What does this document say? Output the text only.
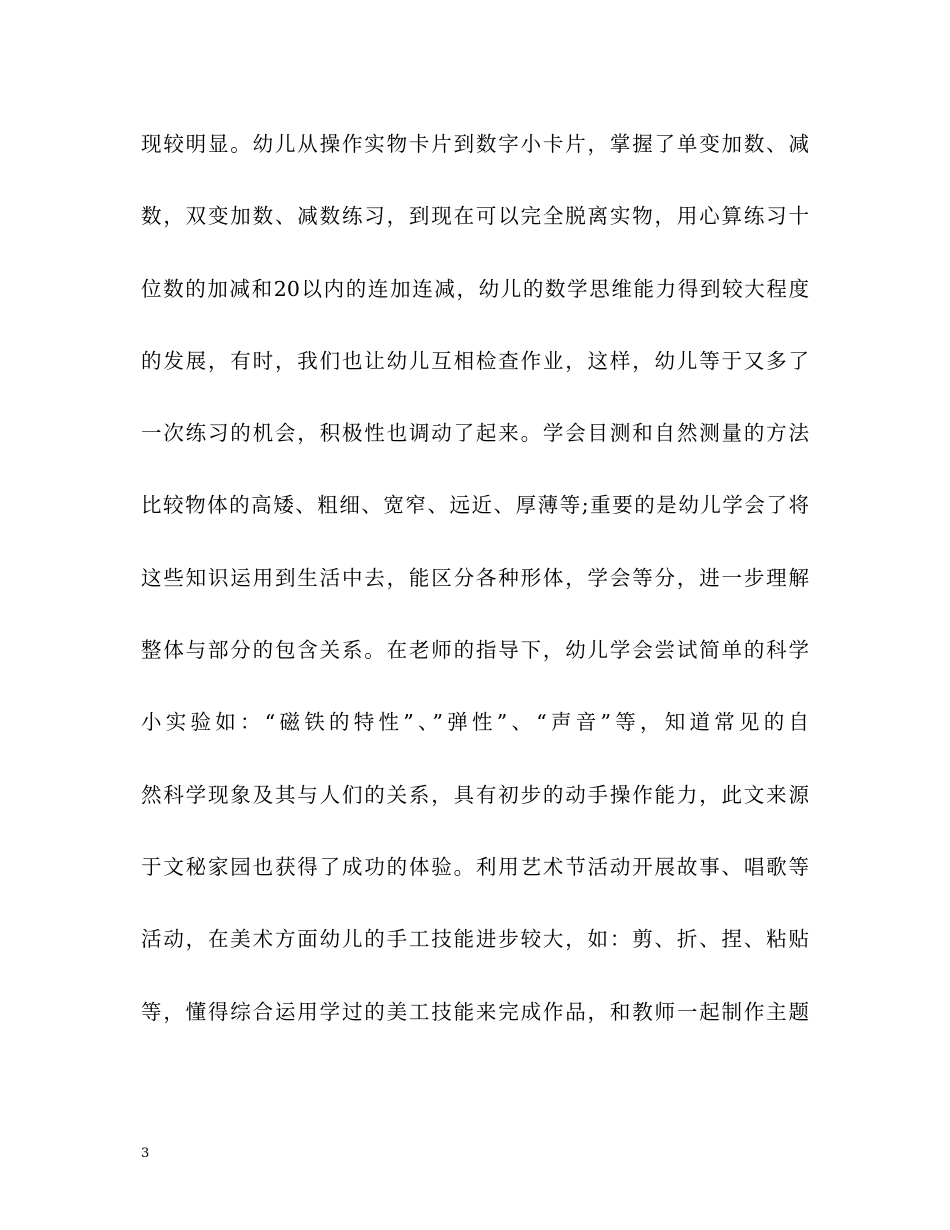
现较明显。幼儿从操作实物卡片到数字小卡片，掌握了单变加数、减
数，双变加数、减数练习，到现在可以完全脱离实物，用心算练习十
位数的加减和20以内的连加连减，幼儿的数学思维能力得到较大程度
的发展，有时，我们也让幼儿互相检查作业，这样，幼儿等于又多了
一次练习的机会，积极性也调动了起来。学会目测和自然测量的方法
比较物体的高矮、粗细、宽窄、远近、厚薄等;重要的是幼儿学会了将
这些知识运用到生活中去，能区分各种形体，学会等分，进一步理解
整体与部分的包含关系。在老师的指导下，幼儿学会尝试简单的科学
小实验如：“磁铁的特性”、”弹性”、“声音”等，知道常见的自
然科学现象及其与人们的关系，具有初步的动手操作能力，此文来源
于文秘家园也获得了成功的体验。利用艺术节活动开展故事、唱歌等
活动，在美术方面幼儿的手工技能进步较大，如：剪、折、捏、粘贴
等，懂得综合运用学过的美工技能来完成作品，和教师一起制作主题
3
